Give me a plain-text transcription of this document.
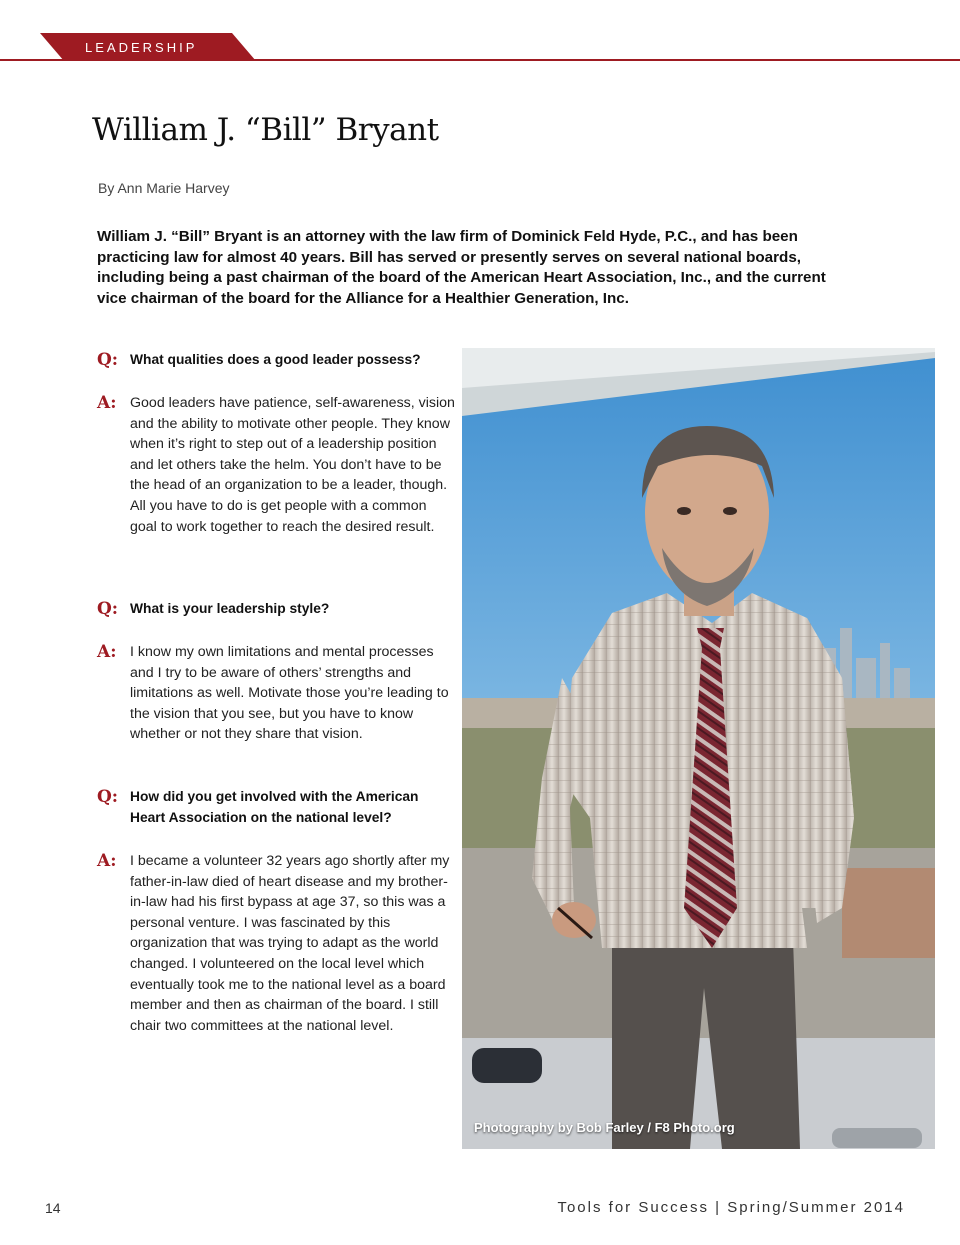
LEADERSHIP
William J. “Bill” Bryant
By Ann Marie Harvey

William J. “Bill” Bryant is an attorney with the law firm of Dominick Feld Hyde, P.C., and has been practicing law for almost 40 years. Bill has served or presently serves on several national boards, including being a past chairman of the board of the American Heart Association, Inc., and the current vice chairman of the board for the Alliance for a Healthier Generation, Inc.

Q: What qualities does a good leader possess?
A: Good leaders have patience, self-awareness, vision and the ability to motivate other people. They know when it’s right to step out of a leadership position and let others take the helm. You don’t have to be the head of an organization to be a leader, though. All you have to do is get people with a common goal to work together to reach the desired result.
Q: What is your leadership style?
A: I know my own limitations and mental processes and I try to be aware of others’ strengths and limitations as well. Motivate those you’re leading to the vision that you see, but you have to know whether or not they share that vision.
Q: How did you get involved with the American Heart Association on the national level?
A: I became a volunteer 32 years ago shortly after my father-in-law died of heart disease and my brother-in-law had his first bypass at age 37, so this was a personal venture. I was fascinated by this organization that was trying to adapt as the world changed. I volunteered on the local level which eventually took me to the national level as a board member and then as chairman of the board. I still chair two committees at the national level.
Photography by Bob Farley / F8 Photo.org
14	Tools for Success | Spring/Summer 2014
